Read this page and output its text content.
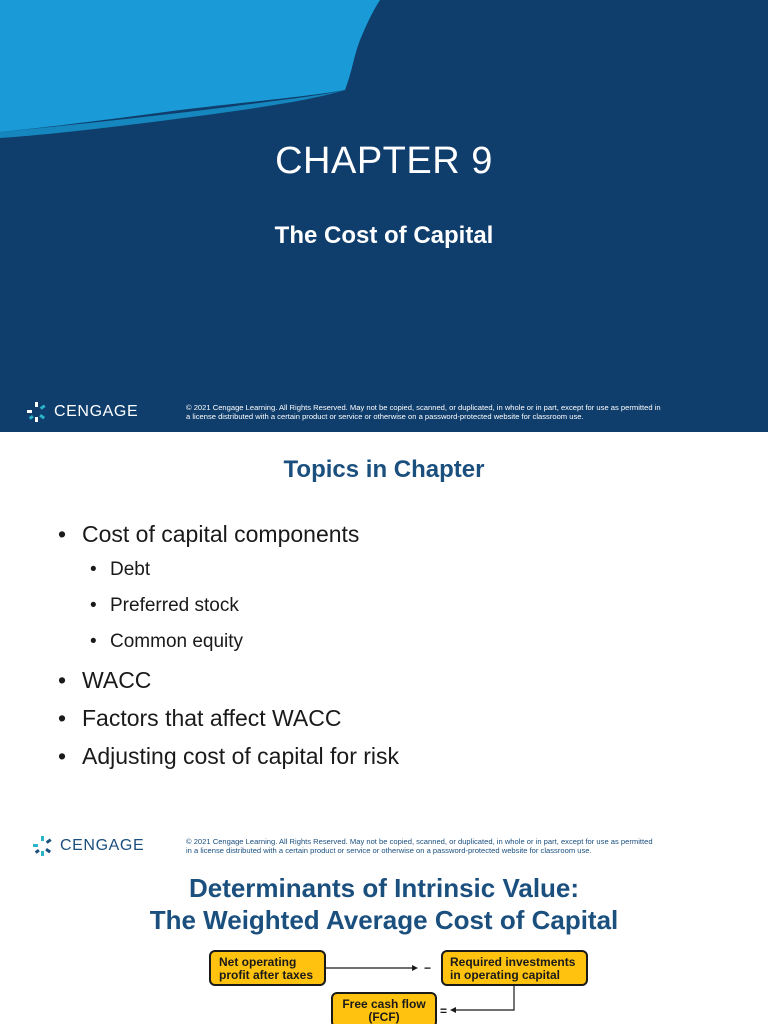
CHAPTER 9
The Cost of Capital
CENGAGE	© 2021 Cengage Learning. All Rights Reserved. May not be copied, scanned, or duplicated, in whole or in part, except for use as permitted in
a license distributed with a certain product or service or otherwise on a password-protected website for classroom use.
Topics in Chapter
• Cost of capital components
• Debt
• Preferred stock
• Common equity
• WACC
• Factors that affect WACC
• Adjusting cost of capital for risk
CENGAGE	© 2021 Cengage Learning. All Rights Reserved. May not be copied, scanned, or duplicated, in whole or in part, except for use as permitted
in a license distributed with a certain product or service or otherwise on a password-protected website for classroom use.
Determinants of Intrinsic Value:
The Weighted Average Cost of Capital
Net operating
profit after taxes	− Required investments
in operating capital
Free cash flow
(FCF)	=
